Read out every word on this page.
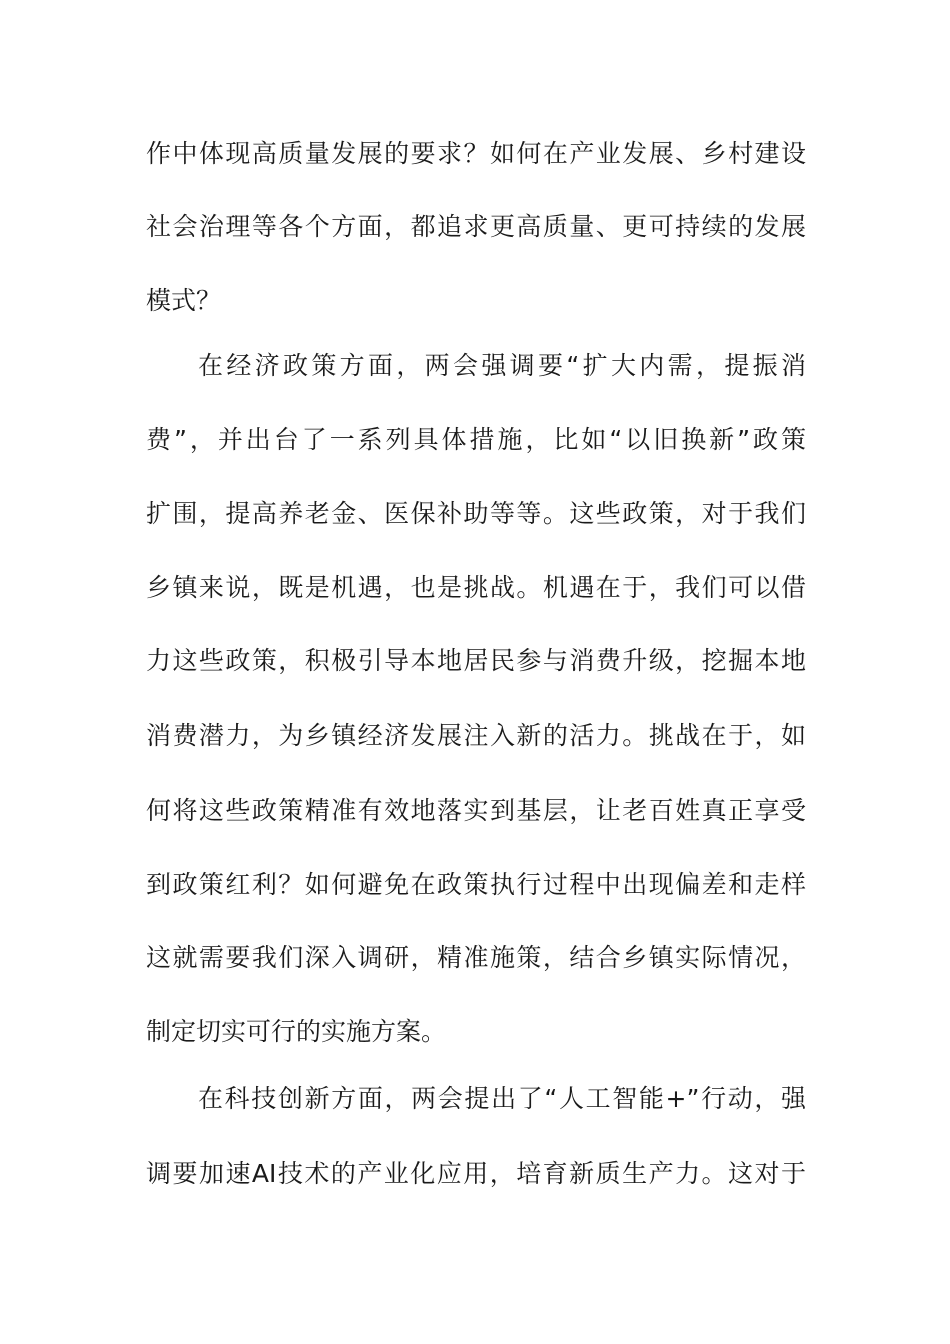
作中体现高质量发展的要求？如何在产业发展、乡村建设
社会治理等各个方面，都追求更高质量、更可持续的发展
模式？
在经济政策方面，两会强调要“扩大内需，提振消
费”，并出台了一系列具体措施，比如“以旧换新”政策
扩围，提高养老金、医保补助等等。这些政策，对于我们
乡镇来说，既是机遇，也是挑战。机遇在于，我们可以借
力这些政策，积极引导本地居民参与消费升级，挖掘本地
消费潜力，为乡镇经济发展注入新的活力。挑战在于，如
何将这些政策精准有效地落实到基层，让老百姓真正享受
到政策红利？如何避免在政策执行过程中出现偏差和走样
这就需要我们深入调研，精准施策，结合乡镇实际情况，
制定切实可行的实施方案。
在科技创新方面，两会提出了“人工智能+”行动，强
调要加速AI技术的产业化应用，培育新质生产力。这对于
